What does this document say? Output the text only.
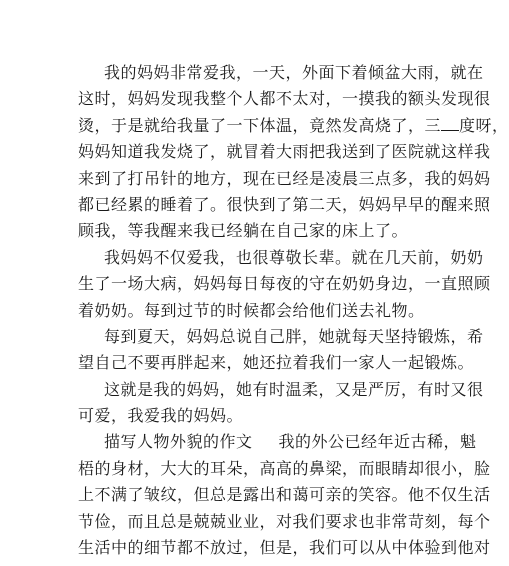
我的妈妈非常爱我，一天，外面下着倾盆大雨，就在
这时，妈妈发现我整个人都不太对，一摸我的额头发现很
烫，于是就给我量了一下体温，竟然发高烧了，三 度呀，
妈妈知道我发烧了，就冒着大雨把我送到了医院就这样我
来到了打吊针的地方，现在已经是凌晨三点多，我的妈妈
都已经累的睡着了。很快到了第二天，妈妈早早的醒来照
顾我，等我醒来我已经躺在自己家的床上了。
我妈妈不仅爱我，也很尊敬长辈。就在几天前，奶奶
生了一场大病，妈妈每日每夜的守在奶奶身边，一直照顾
着奶奶。每到过节的时候都会给他们送去礼物。
每到夏天，妈妈总说自己胖，她就每天坚持锻炼，希
望自己不要再胖起来，她还拉着我们一家人一起锻炼。
这就是我的妈妈，她有时温柔，又是严厉，有时又很
可爱，我爱我的妈妈。
描写人物外貌的作文 我的外公已经年近古稀，魁
梧的身材，大大的耳朵，高高的鼻梁，而眼睛却很小，脸
上不满了皱纹，但总是露出和蔼可亲的笑容。他不仅生活
节俭，而且总是兢兢业业，对我们要求也非常苛刻，每个
生活中的细节都不放过，但是，我们可以从中体验到他对
